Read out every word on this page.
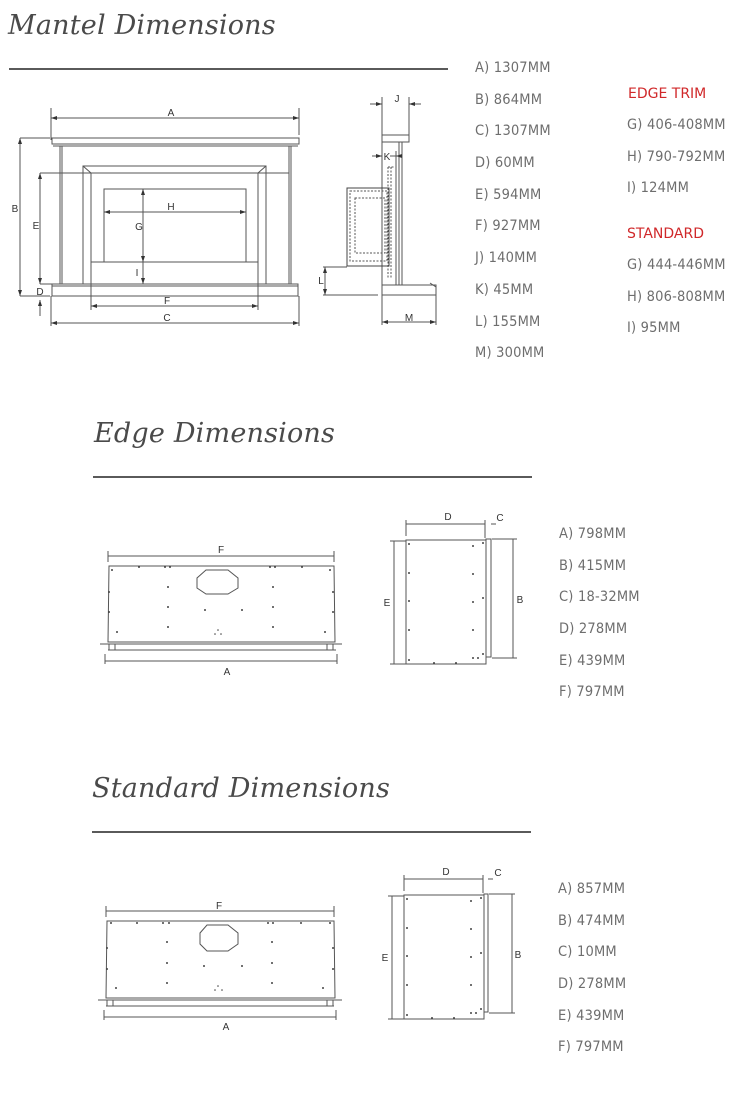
Mantel Dimensions
A
B
C
D
E
F
G
H
I
J
K
L
M
A) 1307MM
B) 864MM
C) 1307MM
D) 60MM
E) 594MM
F) 927MM
J) 140MM
K) 45MM
L) 155MM
M) 300MM
EDGE TRIM
G) 406-408MM
H) 790-792MM
I) 124MM
STANDARD
G) 444-446MM
H) 806-808MM
I) 95MM
Edge Dimensions
F
A
D	C
E	B
A) 798MM
B) 415MM
C) 18-32MM
D) 278MM
E) 439MM
F) 797MM
Standard Dimensions
F
A
D	C
E	B
A) 857MM
B) 474MM
C) 10MM
D) 278MM
E) 439MM
F) 797MM
